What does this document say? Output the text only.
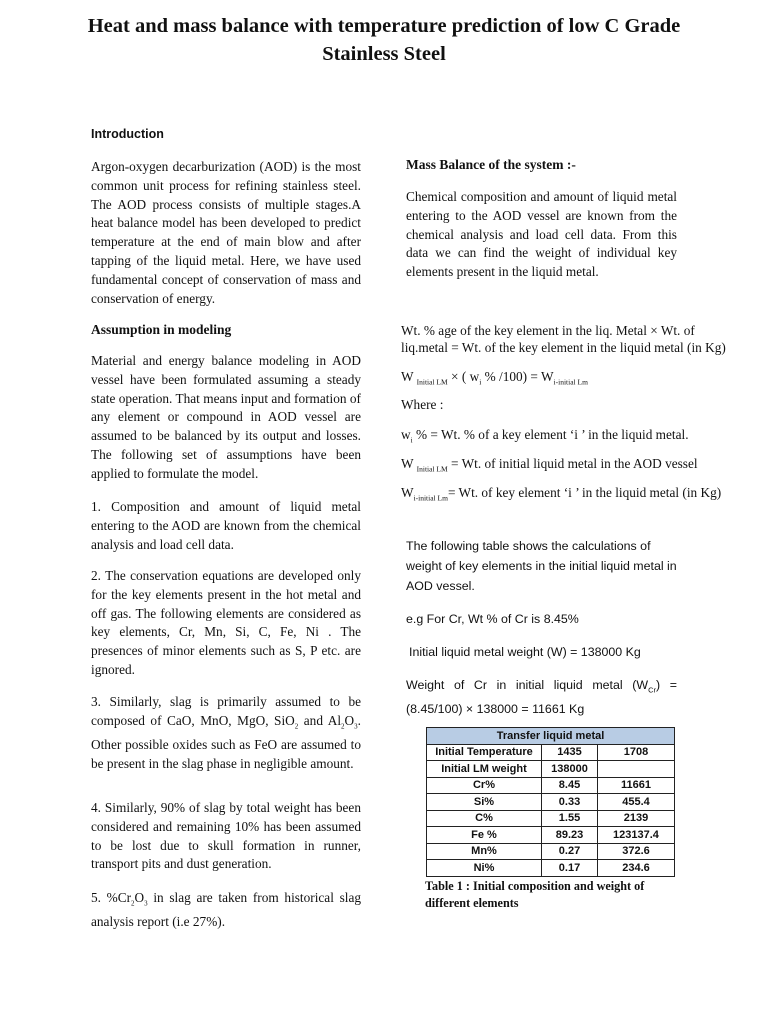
Heat and mass balance with temperature prediction of low C Grade
Stainless Steel
Introduction
Argon-oxygen decarburization (AOD) is the most common unit process for refining stainless steel. The AOD process consists of multiple stages.A heat balance model has been developed to predict temperature at the end of main blow and after tapping of the liquid metal. Here, we have used fundamental concept of conservation of mass and conservation of energy.
Assumption in modeling
Material and energy balance modeling in AOD vessel have been formulated assuming a steady state operation. That means input and formation of any element or compound in AOD vessel are assumed to be balanced by its output and losses. The following set of assumptions have been applied to formulate the model.
1. Composition and amount of liquid metal entering to the AOD are known from the chemical analysis and load cell data.
2. The conservation equations are developed only for the key elements present in the hot metal and off gas. The following elements are considered as key elements, Cr, Mn, Si, C, Fe, Ni . The presences of minor elements such as S, P etc. are ignored.
3. Similarly, slag is primarily assumed to be composed of CaO, MnO, MgO, SiO$_2$ and $Al_2O_3$. Other possible oxides such as FeO are assumed to be present in the slag phase in negligible amount.
4. Similarly, 90% of slag by total weight has been considered and remaining 10% has been assumed to be lost due to skull formation in runner, transport pits and dust generation.
5. $\%Cr_2O_3$ in slag are taken from historical slag analysis report (i.e 27%).
Mass Balance of the system :-
Chemical composition and amount of liquid metal entering to the AOD vessel are known from the chemical analysis and load cell data. From this data we can find the weight of individual key elements present in the liquid metal.
Wt. % age of the key element in the liq. Metal × Wt. of
liq.metal = Wt. of the key element in the liquid metal (in Kg)
W $_{Initial LM}$ × ( $w_i$ % $/100) = W_{i-initial Lm}$
Where :
$w_i$ % = Wt. % of a key element ‘i ’ in the liquid metal.
W $_{Initial LM}$ = Wt. of initial liquid metal in the AOD vessel
$W_{i-initial Lm}= Wt$. of key element ‘i ’ in the liquid metal (in Kg)
The following table shows the calculations of weight of key elements in the initial liquid metal in AOD vessel.
e.g For Cr, Wt % of Cr is 8.45%
Initial liquid metal weight (W) = 138000 Kg
Weight of Cr in initial liquid metal $(W_{Cr}) = (8.45/100) \times 138000 = 11661$ Kg
Transfer liquid metal		
Initial Temperature	1435	1708
Initial LM weight	138000	
Cr%	8.45	11661
Si%	0.33	455.4
C%	1.55	2139
Fe %	89.23	123137.4
Mn%	0.27	372.6
Ni%	0.17	234.6
Table 1 : Initial composition and weight of different elements
